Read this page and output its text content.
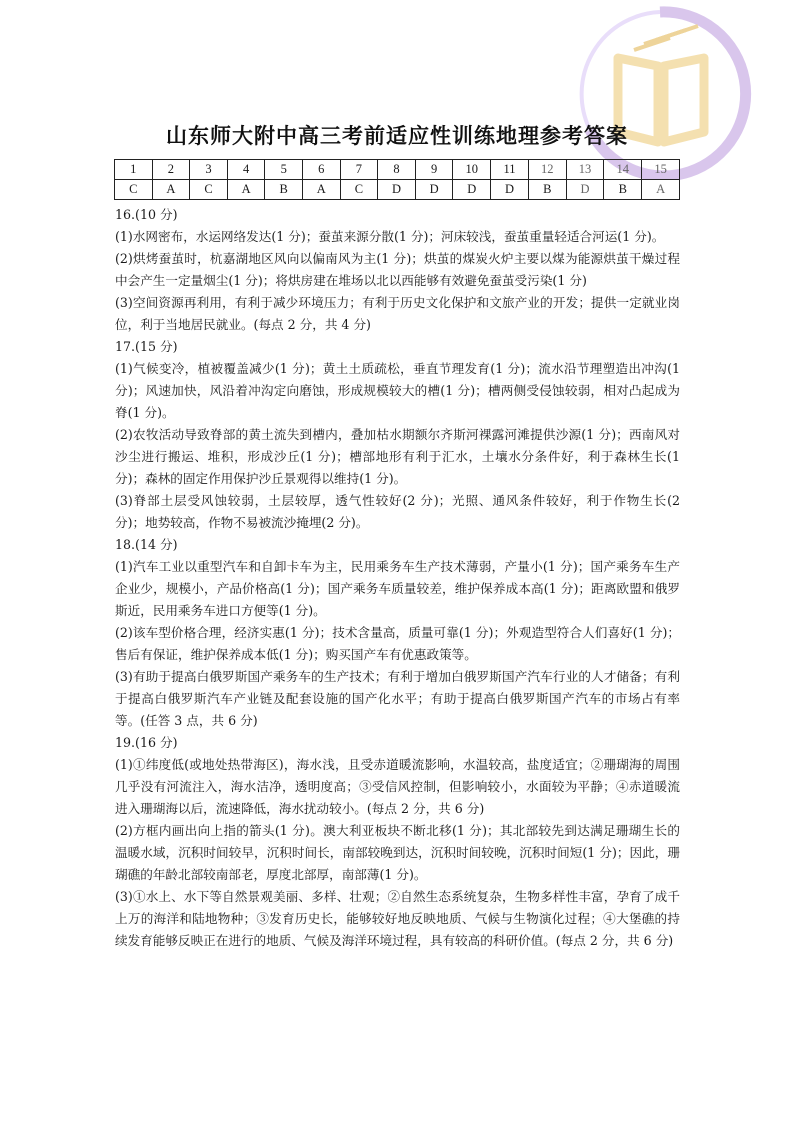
山东师大附中高三考前适应性训练地理参考答案
1	2	3	4	5	6	7	8	9	10	11	12	13	14	15
C	A	C	A	B	A	C	D	D	D	D	B	D	B	A

16.(10 分)

(1)水网密布，水运网络发达(1 分)；蚕茧来源分散(1 分)；河床较浅，蚕茧重量轻适合河运(1 分)。

(2)烘烤蚕茧时，杭嘉湖地区风向以偏南风为主(1 分)；烘茧的煤炭火炉主要以煤为能源烘茧干燥过程中会产生一定量烟尘(1 分)；将烘房建在堆场以北以西能够有效避免蚕茧受污染(1 分)

(3)空间资源再利用，有利于减少环境压力；有利于历史文化保护和文旅产业的开发；提供一定就业岗位，利于当地居民就业。(每点 2 分，共 4 分)

17.(15 分)

(1)气候变冷，植被覆盖减少(1 分)；黄土土质疏松，垂直节理发育(1 分)；流水沿节理塑造出冲沟(1 分)；风速加快，风沿着冲沟定向磨蚀，形成规模较大的槽(1 分)；槽两侧受侵蚀较弱，相对凸起成为脊(1 分)。

(2)农牧活动导致脊部的黄土流失到槽内，叠加枯水期额尔齐斯河裸露河滩提供沙源(1 分)；西南风对沙尘进行搬运、堆积，形成沙丘(1 分)；槽部地形有利于汇水，土壤水分条件好，利于森林生长(1 分)；森林的固定作用保护沙丘景观得以维持(1 分)。

(3)脊部土层受风蚀较弱，土层较厚，透气性较好(2 分)；光照、通风条件较好，利于作物生长(2 分)；地势较高，作物不易被流沙掩埋(2 分)。

18.(14 分)

(1)汽车工业以重型汽车和自卸卡车为主，民用乘务车生产技术薄弱，产量小(1 分)；国产乘务车生产企业少，规模小，产品价格高(1 分)；国产乘务车质量较差，维护保养成本高(1 分)；距离欧盟和俄罗斯近，民用乘务车进口方便等(1 分)。

(2)该车型价格合理，经济实惠(1 分)；技术含量高，质量可靠(1 分)；外观造型符合人们喜好(1 分)；售后有保证，维护保养成本低(1 分)；购买国产车有优惠政策等。

(3)有助于提高白俄罗斯国产乘务车的生产技术；有利于增加白俄罗斯国产汽车行业的人才储备；有利于提高白俄罗斯汽车产业链及配套设施的国产化水平；有助于提高白俄罗斯国产汽车的市场占有率等。(任答 3 点，共 6 分)

19.(16 分)

(1)①纬度低(或地处热带海区)，海水浅，且受赤道暖流影响，水温较高，盐度适宜；②珊瑚海的周围几乎没有河流注入，海水洁净，透明度高；③受信风控制，但影响较小，水面较为平静；④赤道暖流进入珊瑚海以后，流速降低，海水扰动较小。(每点 2 分，共 6 分)

(2)方框内画出向上指的箭头(1 分)。澳大利亚板块不断北移(1 分)；其北部较先到达满足珊瑚生长的温暖水域，沉积时间较早，沉积时间长，南部较晚到达，沉积时间较晚，沉积时间短(1 分)；因此，珊瑚礁的年龄北部较南部老，厚度北部厚，南部薄(1 分)。

(3)①水上、水下等自然景观美丽、多样、壮观；②自然生态系统复杂，生物多样性丰富，孕育了成千上万的海洋和陆地物种；③发育历史长，能够较好地反映地质、气候与生物演化过程；④大堡礁的持续发育能够反映正在进行的地质、气候及海洋环境过程，具有较高的科研价值。(每点 2 分，共 6 分)
